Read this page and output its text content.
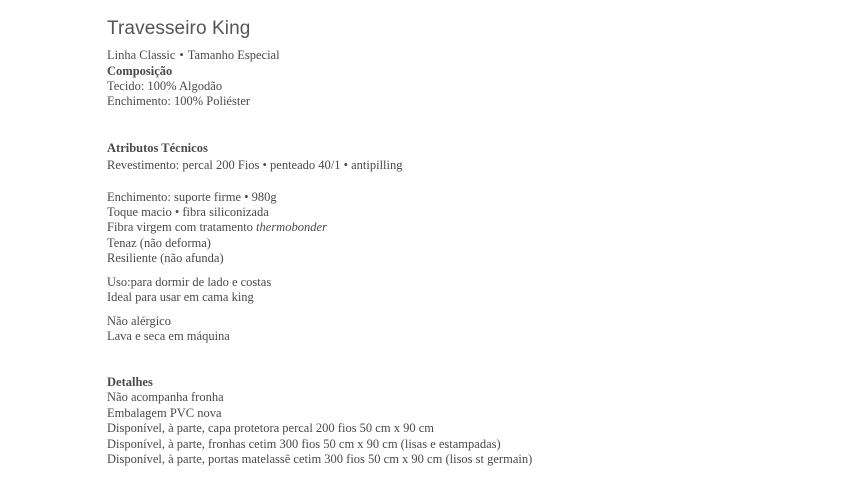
Travesseiro King
Linha Classic • Tamanho Especial
Composição
Tecido: 100% Algodão
Enchimento: 100% Poliéster
Atributos Técnicos
Revestimento: percal 200 Fios • penteado 40/1 • antipilling
Enchimento: suporte firme • 980g
Toque macio • fibra siliconizada
Fibra virgem com tratamento thermobonder
Tenaz (não deforma)
Resiliente (não afunda)
Uso:para dormir de lado e costas
Ideal para usar em cama king
Não alérgico
Lava e seca em máquina
Detalhes
Não acompanha fronha
Embalagem PVC nova
Disponível, à parte, capa protetora percal 200 fios 50 cm x 90 cm
Disponível, à parte, fronhas cetim 300 fios 50 cm x 90 cm (lisas e estampadas)
Disponível, à parte, portas matelassê cetim 300 fios 50 cm x 90 cm (lisos st germain)
